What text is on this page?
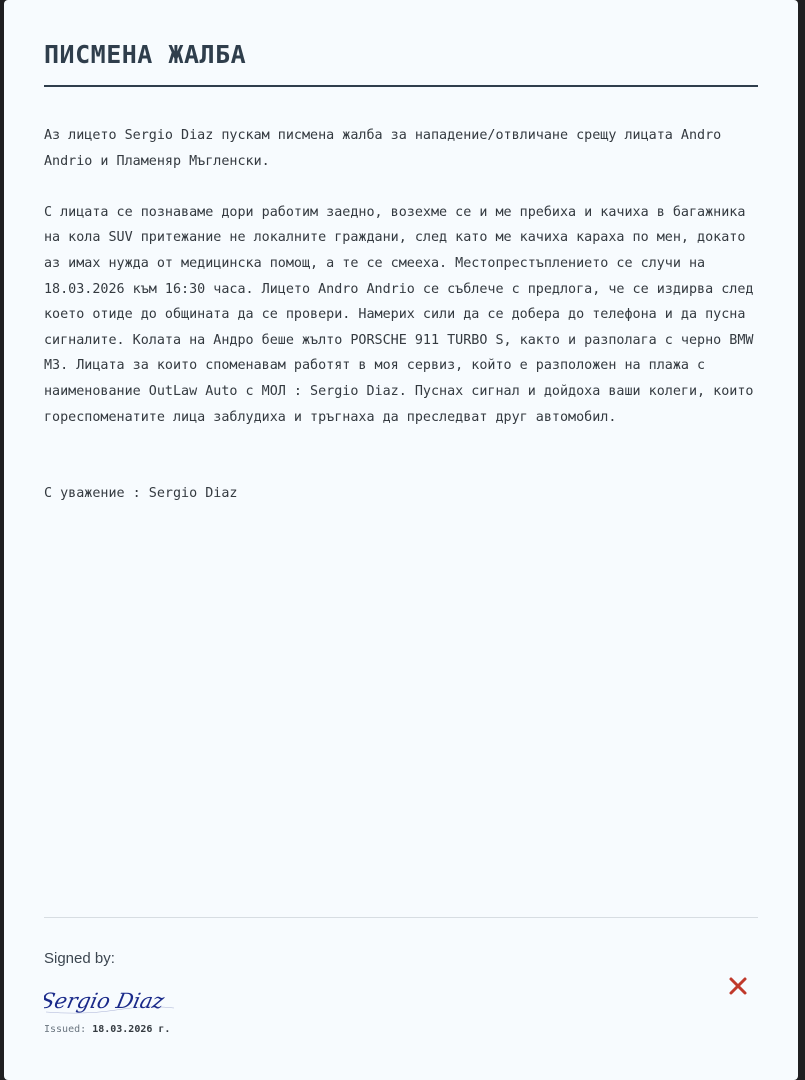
ПИСМЕНА ЖАЛБА

Аз лицето Sergio Diaz пускам писмена жалба за нападение/отвличане срещу лицата Andro Andrio и Пламеняр Мъгленски.

С лицата се познаваме дори работим заедно, возехме се и ме пребиха и качиха в багажника на кола SUV притежание не локалните граждани, след като ме качиха караха по мен, докато аз имах нужда от медицинска помощ, а те се смееха. Местопрестъплението се случи на 18.03.2026 към 16:30 часа. Лицето Andro Andrio се съблече с предлога, че се издирва след което отиде до общината да се провери. Намерих сили да се добера до телефона и да пусна сигналите. Колата на Андро беше жълто PORSCHE 911 TURBO S, както и разполага с черно BMW M3. Лицата за които споменавам работят в моя сервиз, който е разположен на плажа с наименование OutLaw Auto с МОЛ : Sergio Diaz. Пуснах сигнал и дойдоха ваши колеги, които гореспоменатите лица заблудиха и тръгнаха да преследват друг автомобил.

С уважение : Sergio Diaz

Signed by:
Sergio Diaz
Issued: 18.03.2026 г.
